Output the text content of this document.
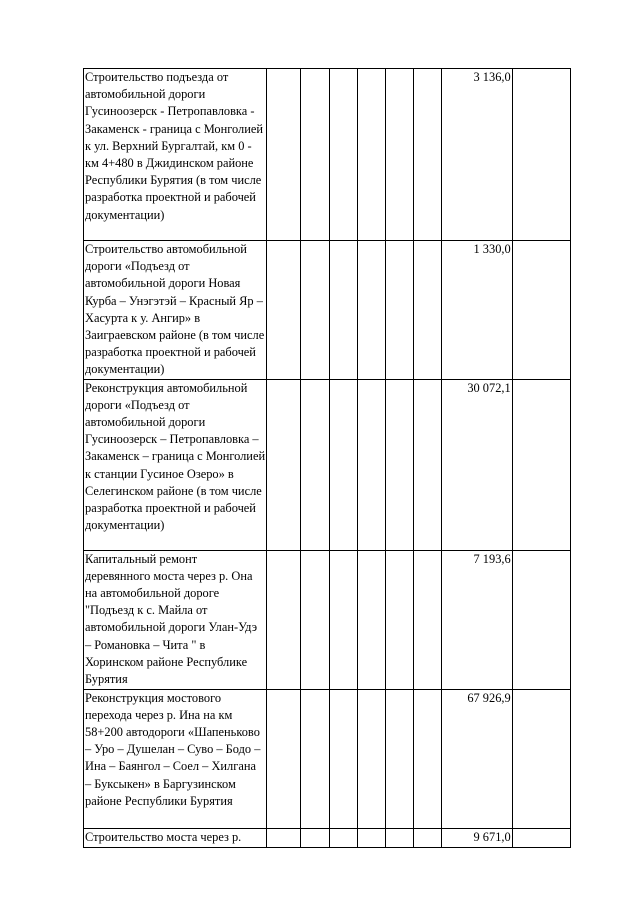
Строительство подъезда от автомобильной дороги Гусиноозерск - Петропавловка - Закаменск - граница с Монголией к ул. Верхний Бургалтай, км 0 - км 4+480 в Джидинском районе Республики Бурятия (в том числе разработка проектной и рабочей документации)							3 136,0	
Строительство автомобильной дороги «Подъезд от автомобильной дороги Новая Курба – Унэгэтэй – Красный Яр – Хасурта к у. Ангир» в Заиграевском районе (в том числе разработка проектной и рабочей документации)							1 330,0	
Реконструкция автомобильной дороги «Подъезд от автомобильной дороги Гусиноозерск – Петропавловка – Закаменск – граница с Монголией к станции Гусиное Озеро» в Селегинском районе (в том числе разработка проектной и рабочей документации)							30 072,1	
Капитальный ремонт деревянного моста через р. Она на автомобильной дороге "Подъезд к с. Майла от автомобильной дороги Улан-Удэ – Романовка – Чита " в Хоринском районе Республике Бурятия							7 193,6	
Реконструкция мостового перехода через р. Ина на км 58+200 автодороги «Шапеньково – Уро – Душелан – Суво – Бодо – Ина – Баянгол – Соел – Хилгана – Буксыкен» в Баргузинском районе Республики Бурятия							67 926,9	
Строительство моста через р.							9 671,0	
